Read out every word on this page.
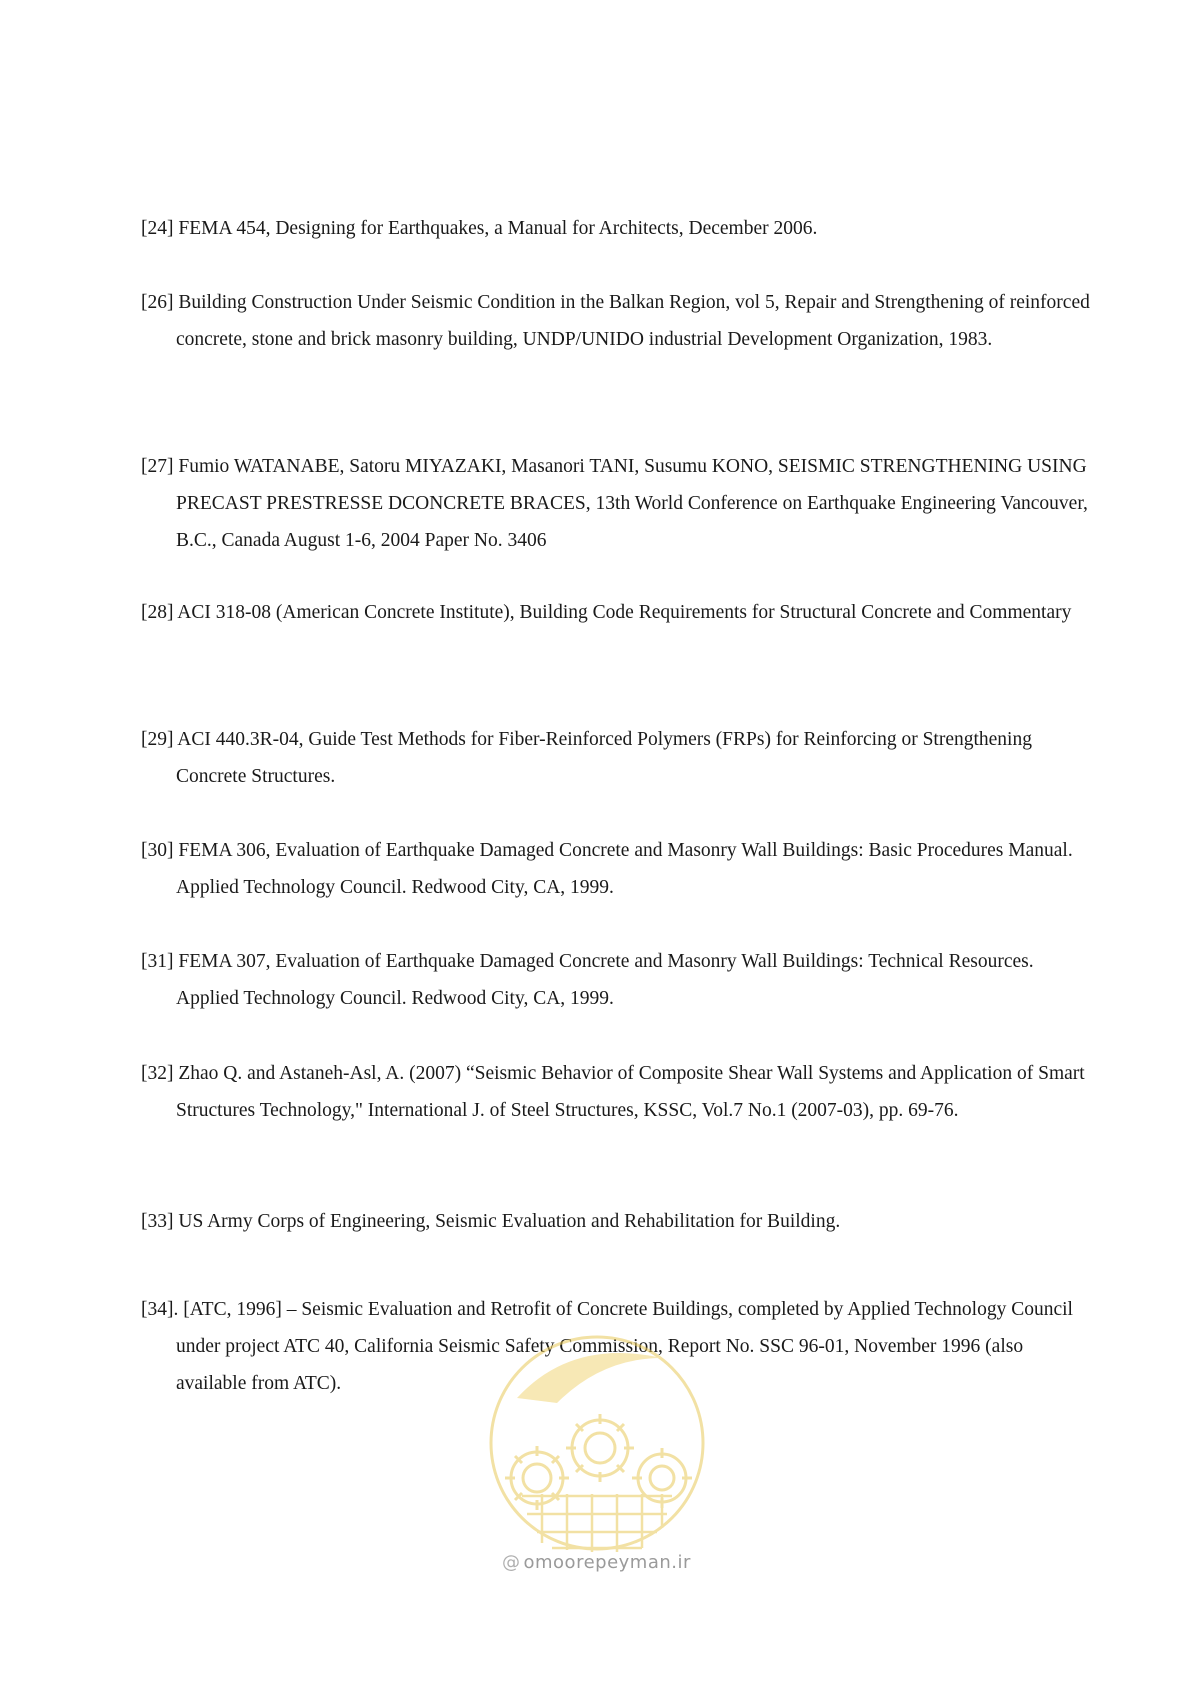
[24] FEMA 454, Designing for Earthquakes, a Manual for Architects, December 2006.

[26] Building Construction Under Seismic Condition in the Balkan Region, vol 5, Repair and Strengthening of reinforced concrete, stone and brick masonry building, UNDP/UNIDO industrial Development Organization, 1983.

[27] Fumio WATANABE, Satoru MIYAZAKI, Masanori TANI, Susumu KONO, SEISMIC STRENGTHENING USING PRECAST PRESTRESSE DCONCRETE BRACES, 13th World Conference on Earthquake Engineering Vancouver, B.C., Canada August 1-6, 2004 Paper No. 3406

[28] ACI 318-08 (American Concrete Institute), Building Code Requirements for Structural Concrete and Commentary

[29] ACI 440.3R-04, Guide Test Methods for Fiber-Reinforced Polymers (FRPs) for Reinforcing or Strengthening Concrete Structures.

[30] FEMA 306, Evaluation of Earthquake Damaged Concrete and Masonry Wall Buildings: Basic Procedures Manual. Applied Technology Council. Redwood City, CA, 1999.

[31] FEMA 307, Evaluation of Earthquake Damaged Concrete and Masonry Wall Buildings: Technical Resources. Applied Technology Council. Redwood City, CA, 1999.

[32] Zhao Q. and Astaneh-Asl, A. (2007) “Seismic Behavior of Composite Shear Wall Systems and Application of Smart Structures Technology," International J. of Steel Structures, KSSC, Vol.7 No.1 (2007-03), pp. 69-76.

[33] US Army Corps of Engineering, Seismic Evaluation and Rehabilitation for Building.

[34]. [ATC, 1996] – Seismic Evaluation and Retrofit of Concrete Buildings, completed by Applied Technology Council under project ATC 40, California Seismic Safety Commission, Report No. SSC 96-01, November 1996 (also available from ATC).

@ omoorepeyman.ir
